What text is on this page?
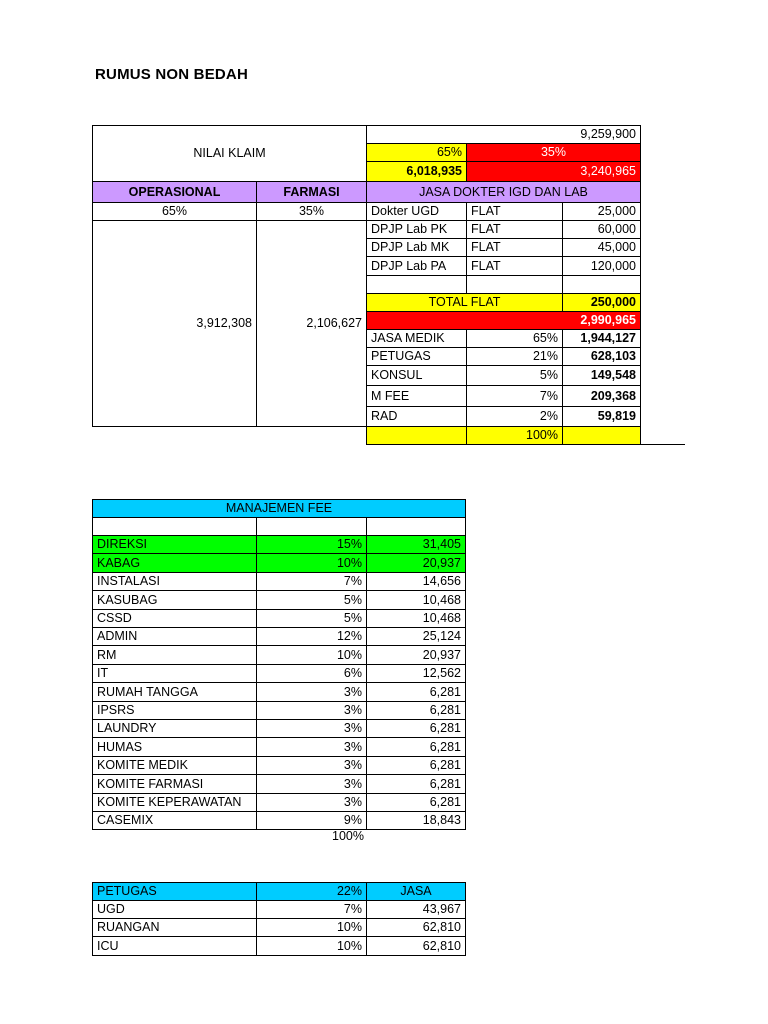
RUMUS NON BEDAH
NILAI KLAIM
9,259,900
65%	35%
6,018,935	3,240,965
OPERASIONAL	FARMASI	JASA DOKTER IGD DAN LAB
65%	35%
3,912,308	2,106,627
Dokter UGD	FLAT	25,000
DPJP Lab PK	FLAT	60,000
DPJP Lab MK	FLAT	45,000
DPJP Lab PA	FLAT	120,000
TOTAL FLAT	250,000
2,990,965
JASA MEDIK	65%	1,944,127
PETUGAS	21%	628,103
KONSUL	5%	149,548
M FEE	7%	209,368
RAD	2%	59,819
100%
MANAJEMEN FEE
DIREKSI	15%	31,405
KABAG	10%	20,937
INSTALASI	7%	14,656
KASUBAG	5%	10,468
CSSD	5%	10,468
ADMIN	12%	25,124
RM	10%	20,937
IT	6%	12,562
RUMAH TANGGA	3%	6,281
IPSRS	3%	6,281
LAUNDRY	3%	6,281
HUMAS	3%	6,281
KOMITE MEDIK	3%	6,281
KOMITE FARMASI	3%	6,281
KOMITE KEPERAWATAN	3%	6,281
CASEMIX	9%	18,843
100%
PETUGAS	22%	JASA
UGD	7%	43,967
RUANGAN	10%	62,810
ICU	10%	62,810
